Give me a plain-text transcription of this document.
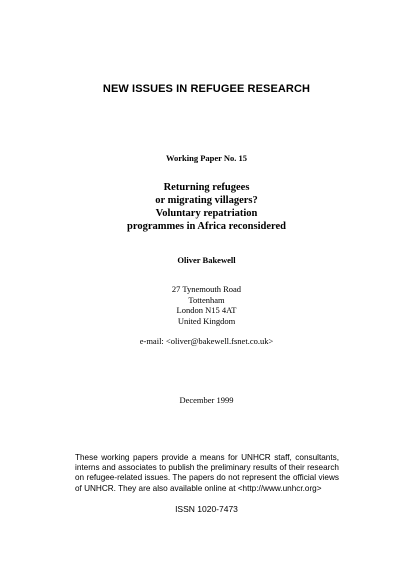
NEW ISSUES IN REFUGEE RESEARCH
Working Paper No. 15
Returning refugees
or migrating villagers?
Voluntary repatriation
programmes in Africa reconsidered
Oliver Bakewell
27 Tynemouth Road
Tottenham
London N15 4AT
United Kingdom
e-mail: <oliver@bakewell.fsnet.co.uk>
December 1999
These working papers provide a means for UNHCR staff, consultants, interns and associates to publish the preliminary results of their research on refugee-related issues. The papers do not represent the official views of UNHCR. They are also available online at <http://www.unhcr.org>
ISSN 1020-7473
